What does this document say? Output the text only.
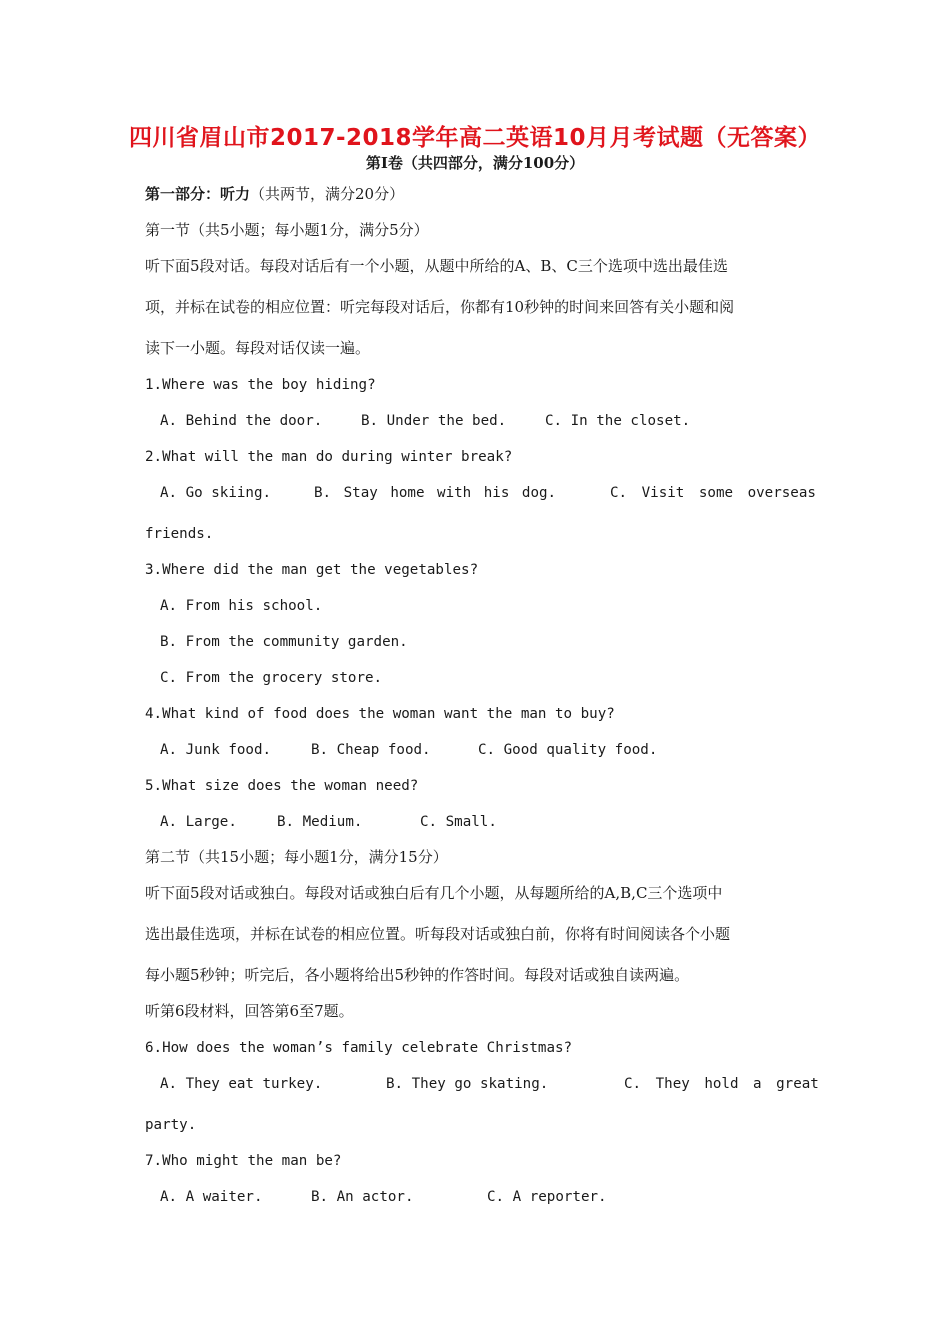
四川省眉山市2017-2018学年高二英语10月月考试题（无答案）
第Ⅰ卷（共四部分，满分100分）
第一部分：听力（共两节，满分20分）
第一节（共5小题；每小题1分，满分5分）
听下面5段对话。每段对话后有一个小题，从题中所给的A、B、C三个选项中选出最佳选
项，并标在试卷的相应位置：听完每段对话后，你都有10秒钟的时间来回答有关小题和阅
读下一小题。每段对话仅读一遍。
1.Where was the boy hiding?
A. Behind the door.	B. Under the bed.	C. In the closet.
2.What will the man do during winter break?
A. Go skiing.	B. Stay home with his dog.	C. Visit some overseas
friends.
3.Where did the man get the vegetables?
A. From his school.
B. From the community garden.
C. From the grocery store.
4.What kind of food does the woman want the man to buy?
A. Junk food.	B. Cheap food.	C. Good quality food.
5.What size does the woman need?
A. Large.	B. Medium.	C. Small.
第二节（共15小题；每小题1分，满分15分）
听下面5段对话或独白。每段对话或独白后有几个小题，从每题所给的A,B,C三个选项中
选出最佳选项，并标在试卷的相应位置。听每段对话或独白前，你将有时间阅读各个小题
每小题5秒钟；听完后，各小题将给出5秒钟的作答时间。每段对话或独自读两遍。
听第6段材料，回答第6至7题。
6.How does the woman’s family celebrate Christmas?
A. They eat turkey.	B. They go skating.	C. They hold a great
party.
7.Who might the man be?
A. A waiter.	B. An actor.	C. A reporter.
